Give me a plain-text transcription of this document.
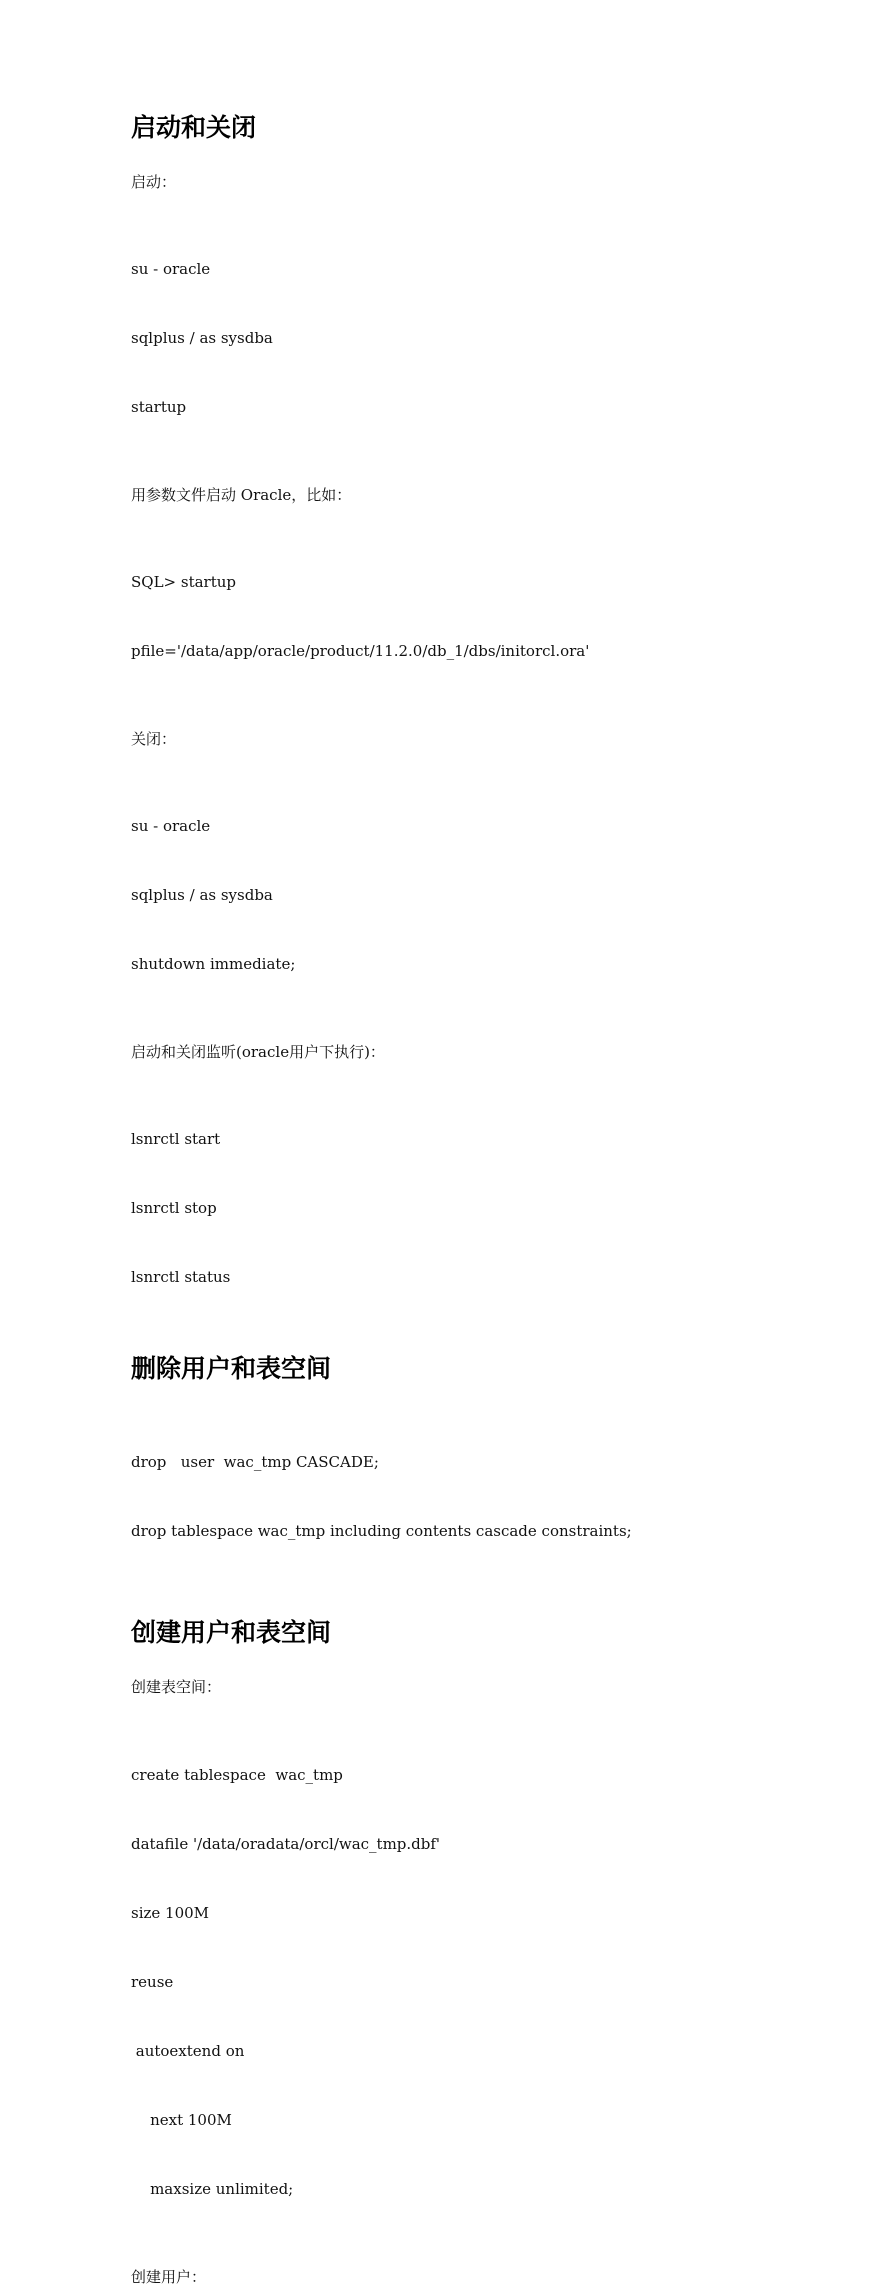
启动和关闭

启动：

su - oracle

sqlplus / as sysdba

startup

用参数文件启动 Oracle，比如：

SQL> startup

pfile='/data/app/oracle/product/11.2.0/db_1/dbs/initorcl.ora'

关闭：

su - oracle

sqlplus / as sysdba

shutdown immediate;

启动和关闭监听(oracle用户下执行)：

lsnrctl start

lsnrctl stop

lsnrctl status

删除用户和表空间

drop   user  wac_tmp CASCADE;

drop tablespace wac_tmp including contents cascade constraints;

创建用户和表空间

创建表空间：

create tablespace  wac_tmp

datafile '/data/oradata/orcl/wac_tmp.dbf'

size 100M

reuse

autoextend on

next 100M

maxsize unlimited;

创建用户：
